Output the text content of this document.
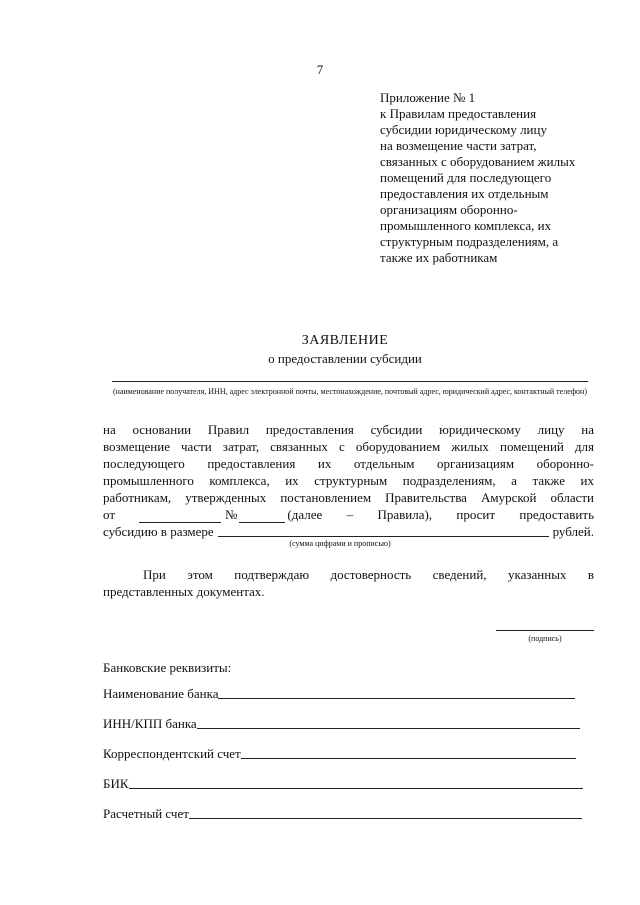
7
Приложение № 1
к Правилам предоставления
субсидии юридическому лицу
на возмещение части затрат,
связанных с оборудованием жилых
помещений для последующего
предоставления их отдельным
организациям оборонно-
промышленного комплекса, их
структурным подразделениям, а
также их работникам
ЗАЯВЛЕНИЕ
о предоставлении субсидии
(наименование получателя, ИНН, адрес электронной почты, местонахождение, почтовый адрес, юридический адрес, контактный телефон)
на основании Правил предоставления субсидии юридическому лицу на
возмещение части затрат, связанных с оборудованием жилых помещений для
последующего предоставления их отдельным организациям оборонно-
промышленного комплекса, их структурным подразделениям, а также их
работникам, утвержденных постановлением Правительства Амурской области
от	№	(далее – Правила), просит предоставить
субсидию в размере	рублей.
(сумма цифрами и прописью)
При этом подтверждаю достоверность сведений, указанных в
представленных документах.
(подпись)
Банковские реквизиты:
Наименование банка
ИНН/КПП банка
Корреспондентский счет
БИК
Расчетный счет
